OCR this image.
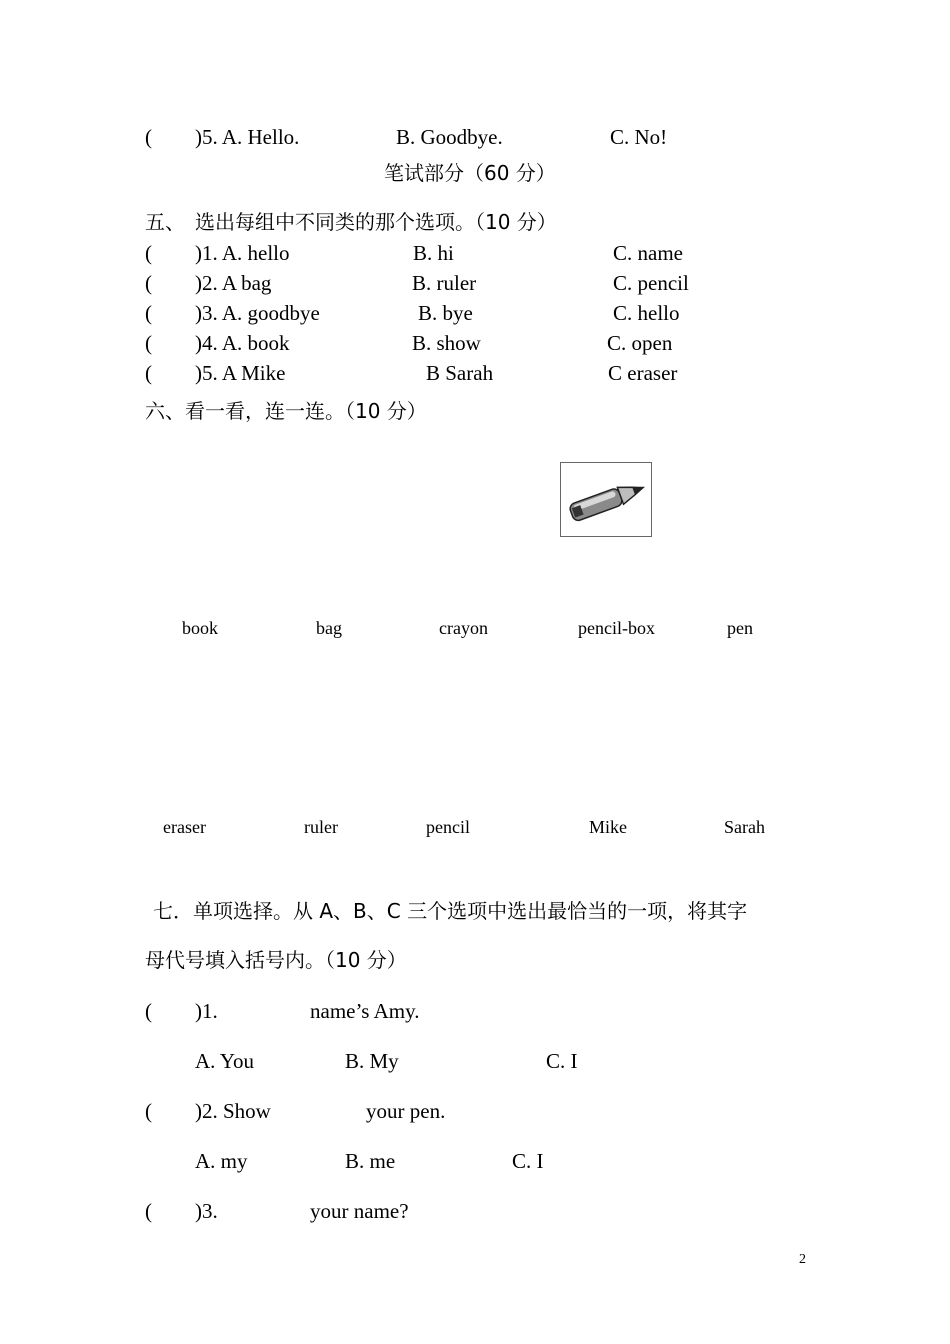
( )5. A. Hello.	B. Goodbye.	C. No!
笔试部分（60 分）
五、　选出每组中不同类的那个选项。（10 分）
( )1. A. hello	B. hi	C. name
( )2. A bag	B. ruler	C. pencil
( )3. A. goodbye	B. bye	C. hello
( )4. A. book	B. show	C. open
( )5. A Mike	B Sarah	C eraser
六、看一看，连一连。（10 分）
book	bag	crayon	pencil-box	pen
eraser	ruler	pencil	Mike	Sarah
七．单项选择。从 A、B、C 三个选项中选出最恰当的一项，将其字
母代号填入括号内。（10 分）
( )1.	name’s Amy.
A. You	B. My	C. I
( )2. Show	your pen.
A. my	B. me	C. I
( )3.	your name?
2
